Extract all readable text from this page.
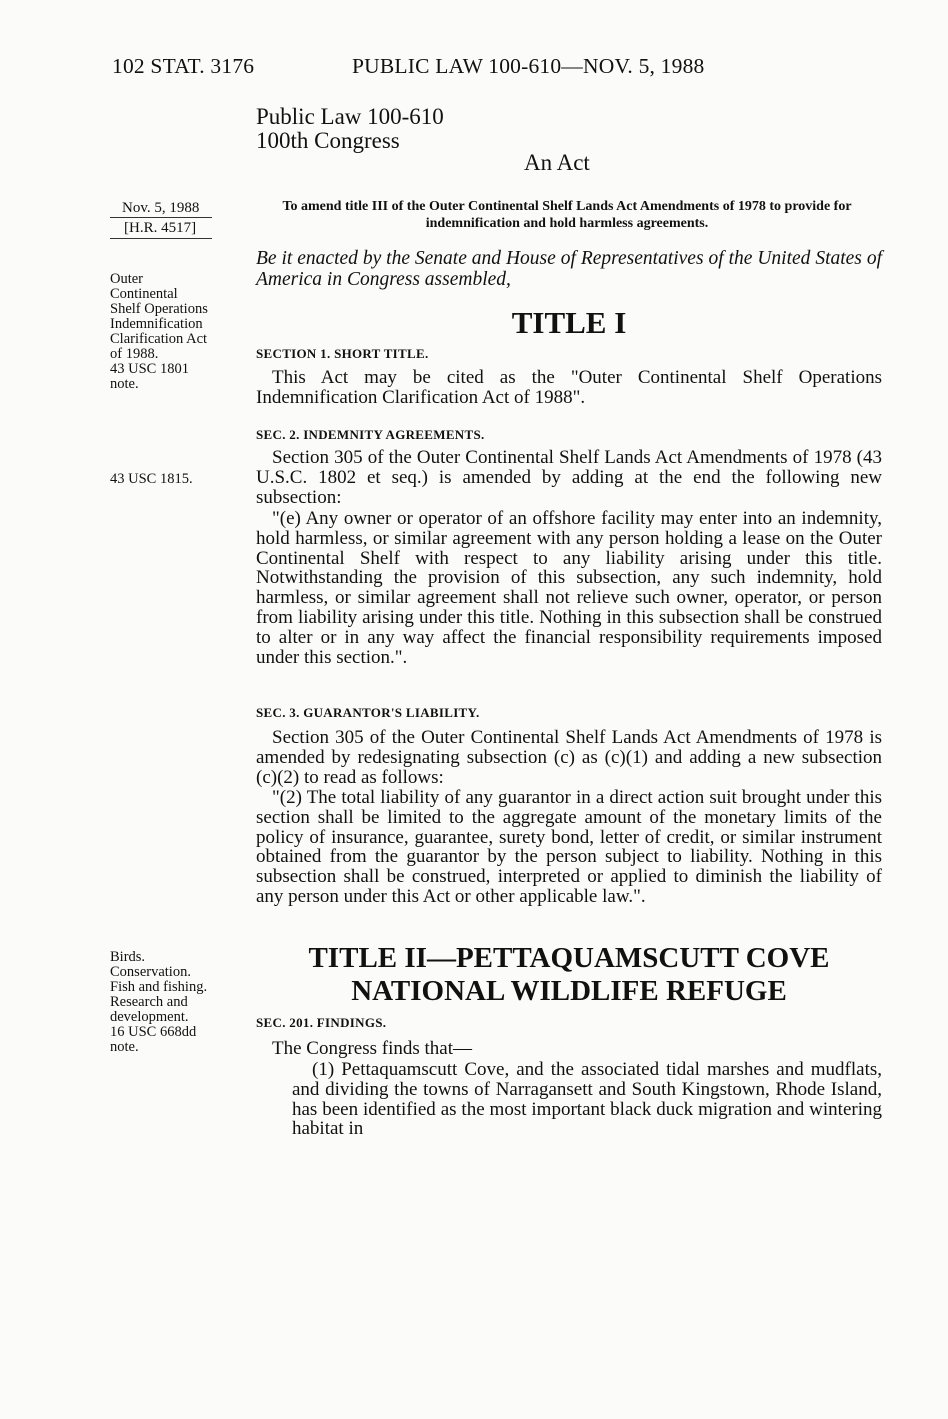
102 STAT. 3176	PUBLIC LAW 100-610—NOV. 5, 1988
Public Law 100-610
100th Congress
An Act
Nov. 5, 1988
[H.R. 4517]
To amend title III of the Outer Continental Shelf Lands Act Amendments of 1978 to provide for indemnification and hold harmless agreements.
Be it enacted by the Senate and House of Representatives of the United States of America in Congress assembled,
Outer
Continental
Shelf Operations
Indemnification
Clarification Act
of 1988.
43 USC 1801
note.
TITLE I
SECTION 1. SHORT TITLE.
This Act may be cited as the "Outer Continental Shelf Operations Indemnification Clarification Act of 1988".
SEC. 2. INDEMNITY AGREEMENTS.
43 USC 1815.
Section 305 of the Outer Continental Shelf Lands Act Amendments of 1978 (43 U.S.C. 1802 et seq.) is amended by adding at the end the following new subsection:
"(e) Any owner or operator of an offshore facility may enter into an indemnity, hold harmless, or similar agreement with any person holding a lease on the Outer Continental Shelf with respect to any liability arising under this title. Notwithstanding the provision of this subsection, any such indemnity, hold harmless, or similar agreement shall not relieve such owner, operator, or person from liability arising under this title. Nothing in this subsection shall be construed to alter or in any way affect the financial responsibility requirements imposed under this section.".
SEC. 3. GUARANTOR'S LIABILITY.
Section 305 of the Outer Continental Shelf Lands Act Amendments of 1978 is amended by redesignating subsection (c) as (c)(1) and adding a new subsection (c)(2) to read as follows:
"(2) The total liability of any guarantor in a direct action suit brought under this section shall be limited to the aggregate amount of the monetary limits of the policy of insurance, guarantee, surety bond, letter of credit, or similar instrument obtained from the guarantor by the person subject to liability. Nothing in this subsection shall be construed, interpreted or applied to diminish the liability of any person under this Act or other applicable law.".
Birds.
Conservation.
Fish and fishing.
Research and
development.
16 USC 668dd
note.
TITLE II—PETTAQUAMSCUTT COVE
NATIONAL WILDLIFE REFUGE
SEC. 201. FINDINGS.
The Congress finds that—
(1) Pettaquamscutt Cove, and the associated tidal marshes and mudflats, and dividing the towns of Narragansett and South Kingstown, Rhode Island, has been identified as the most important black duck migration and wintering habitat in
